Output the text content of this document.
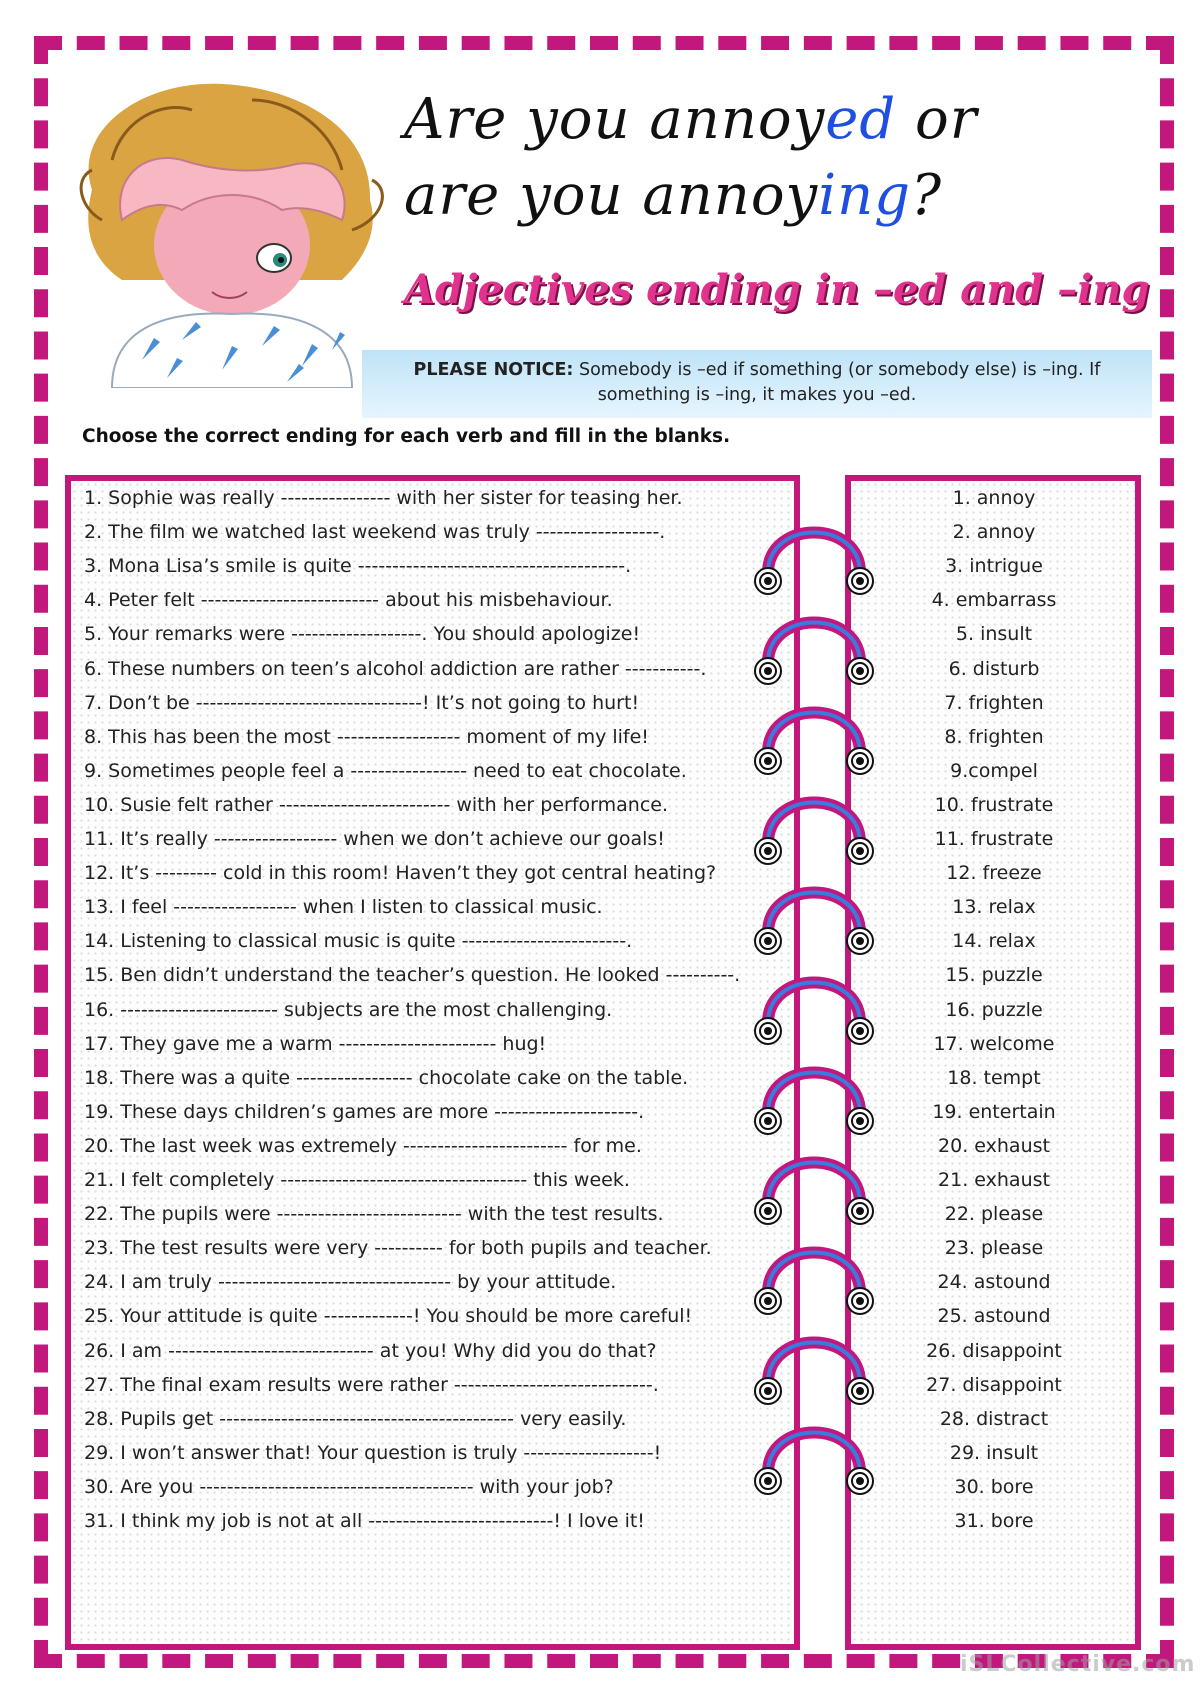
Are you annoyed or
are you annoying?
Adjectives ending in –ed and –ing
PLEASE NOTICE: Somebody is –ed if something (or somebody else) is –ing. If something is –ing, it makes you –ed.
Choose the correct ending for each verb and fill in the blanks.
1. Sophie was really ---------------- with her sister for teasing her.
2. The film we watched last weekend was truly ------------------.
3. Mona Lisa’s smile is quite ---------------------------------------.
4. Peter felt -------------------------- about his misbehaviour.
5. Your remarks were -------------------. You should apologize!
6. These numbers on teen’s alcohol addiction are rather -----------.
7. Don’t be ---------------------------------! It’s not going to hurt!
8. This has been the most ------------------ moment of my life!
9. Sometimes people feel a ----------------- need to eat chocolate.
10. Susie felt rather ------------------------- with her performance.
11. It’s really ------------------ when we don’t achieve our goals!
12. It’s --------- cold in this room! Haven’t they got central heating?
13. I feel ------------------ when I listen to classical music.
14. Listening to classical music is quite ------------------------.
15. Ben didn’t understand the teacher’s question. He looked ----------.
16. ----------------------- subjects are the most challenging.
17. They gave me a warm ----------------------- hug!
18. There was a quite ----------------- chocolate cake on the table.
19. These days children’s games are more ---------------------.
20. The last week was extremely ------------------------ for me.
21. I felt completely ------------------------------------ this week.
22. The pupils were --------------------------- with the test results.
23. The test results were very ---------- for both pupils and teacher.
24. I am truly ---------------------------------- by your attitude.
25. Your attitude is quite -------------! You should be more careful!
26. I am ------------------------------ at you! Why did you do that?
27. The final exam results were rather -----------------------------.
28. Pupils get ------------------------------------------- very easily.
29. I won’t answer that! Your question is truly -------------------!
30. Are you ---------------------------------------- with your job?
31. I think my job is not at all ---------------------------! I love it!
1. annoy
2. annoy
3. intrigue
4. embarrass
5. insult
6. disturb
7. frighten
8. frighten
9.compel
10. frustrate
11. frustrate
12. freeze
13. relax
14. relax
15. puzzle
16. puzzle
17. welcome
18. tempt
19. entertain
20. exhaust
21. exhaust
22. please
23. please
24. astound
25. astound
26. disappoint
27. disappoint
28. distract
29. insult
30. bore
31. bore
iSLCollective.com
